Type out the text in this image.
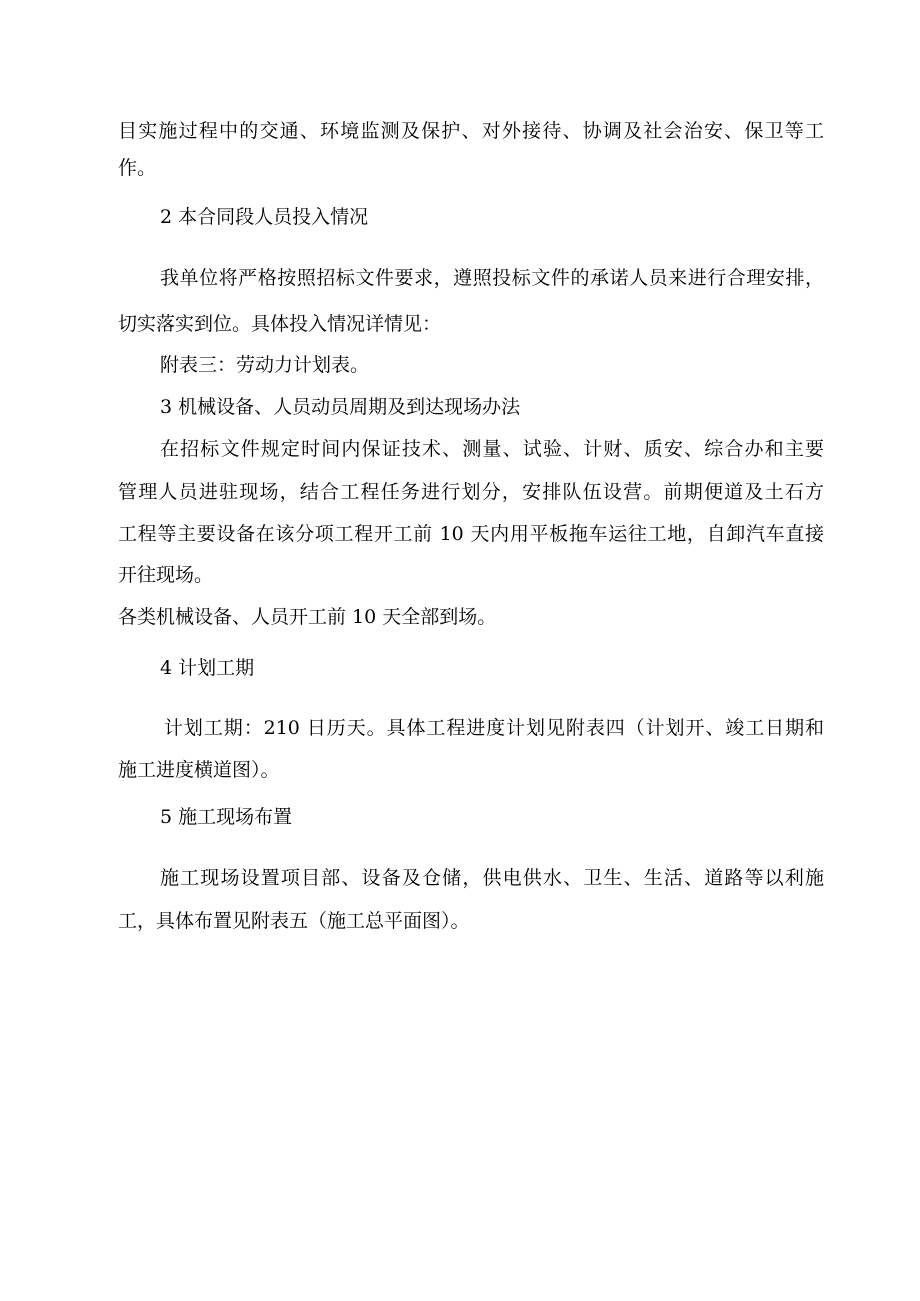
目实施过程中的交通、环境监测及保护、对外接待、协调及社会治安、保卫等工

作。

2 本合同段人员投入情况

我单位将严格按照招标文件要求，遵照投标文件的承诺人员来进行合理安排，

切实落实到位。具体投入情况详情见：

附表三：劳动力计划表。

3 机械设备、人员动员周期及到达现场办法

在招标文件规定时间内保证技术、测量、试验、计财、质安、综合办和主要

管理人员进驻现场，结合工程任务进行划分，安排队伍设营。前期便道及土石方

工程等主要设备在该分项工程开工前 10 天内用平板拖车运往工地，自卸汽车直接

开往现场。

各类机械设备、人员开工前 10 天全部到场。

4 计划工期

计划工期：210 日历天。具体工程进度计划见附表四（计划开、竣工日期和

施工进度横道图）。

5 施工现场布置

施工现场设置项目部、设备及仓储，供电供水、卫生、生活、道路等以利施

工，具体布置见附表五（施工总平面图）。
